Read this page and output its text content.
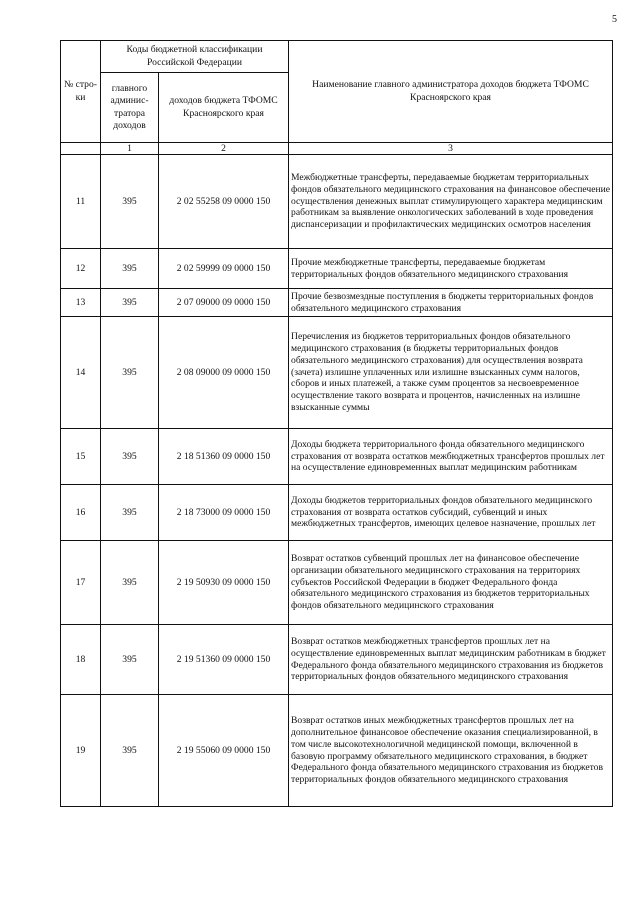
5
№ стро-ки	Коды бюджетной классификации Российской Федерации		Наименование главного администратора доходов бюджета ТФОМС Красноярского края
	главного админис-тратора доходов	доходов бюджета ТФОМС Красноярского края	
	1	2	3
11	395	2 02 55258 09 0000 150	Межбюджетные трансферты, передаваемые бюджетам территориальных фондов обязательного медицинского страхования на финансовое обеспечение осуществления денежных выплат стимулирующего характера медицинским работникам за выявление онкологических заболеваний в ходе проведения диспансеризации и профилактических медицинских осмотров населения
12	395	2 02 59999 09 0000 150	Прочие межбюджетные трансферты, передаваемые бюджетам территориальных фондов обязательного медицинского страхования
13	395	2 07 09000 09 0000 150	Прочие безвозмездные поступления в бюджеты территориальных фондов обязательного медицинского страхования
14	395	2 08 09000 09 0000 150	Перечисления из бюджетов территориальных фондов обязательного медицинского страхования (в бюджеты территориальных фондов обязательного медицинского страхования) для осуществления возврата (зачета) излишне уплаченных или излишне взысканных сумм налогов, сборов и иных платежей, а также сумм процентов за несвоевременное осуществление такого возврата и процентов, начисленных на излишне взысканные суммы
15	395	2 18 51360 09 0000 150	Доходы бюджета территориального фонда обязательного медицинского страхования от возврата остатков межбюджетных трансфертов прошлых лет на осуществление единовременных выплат медицинским работникам
16	395	2 18 73000 09 0000 150	Доходы бюджетов территориальных фондов обязательного медицинского страхования от возврата остатков субсидий, субвенций и иных межбюджетных трансфертов, имеющих целевое назначение, прошлых лет
17	395	2 19 50930 09 0000 150	Возврат остатков субвенций прошлых лет на финансовое обеспечение организации обязательного медицинского страхования на территориях субъектов Российской Федерации в бюджет Федерального фонда обязательного медицинского страхования из бюджетов территориальных фондов обязательного медицинского страхования
18	395	2 19 51360 09 0000 150	Возврат остатков межбюджетных трансфертов прошлых лет на осуществление единовременных выплат медицинским работникам в бюджет Федерального фонда обязательного медицинского страхования из бюджетов территориальных фондов обязательного медицинского страхования
19	395	2 19 55060 09 0000 150	Возврат остатков иных межбюджетных трансфертов прошлых лет на дополнительное финансовое обеспечение оказания специализированной, в том числе высокотехнологичной медицинской помощи, включенной в базовую программу обязательного медицинского страхования, в бюджет Федерального фонда обязательного медицинского страхования из бюджетов территориальных фондов обязательного медицинского страхования
